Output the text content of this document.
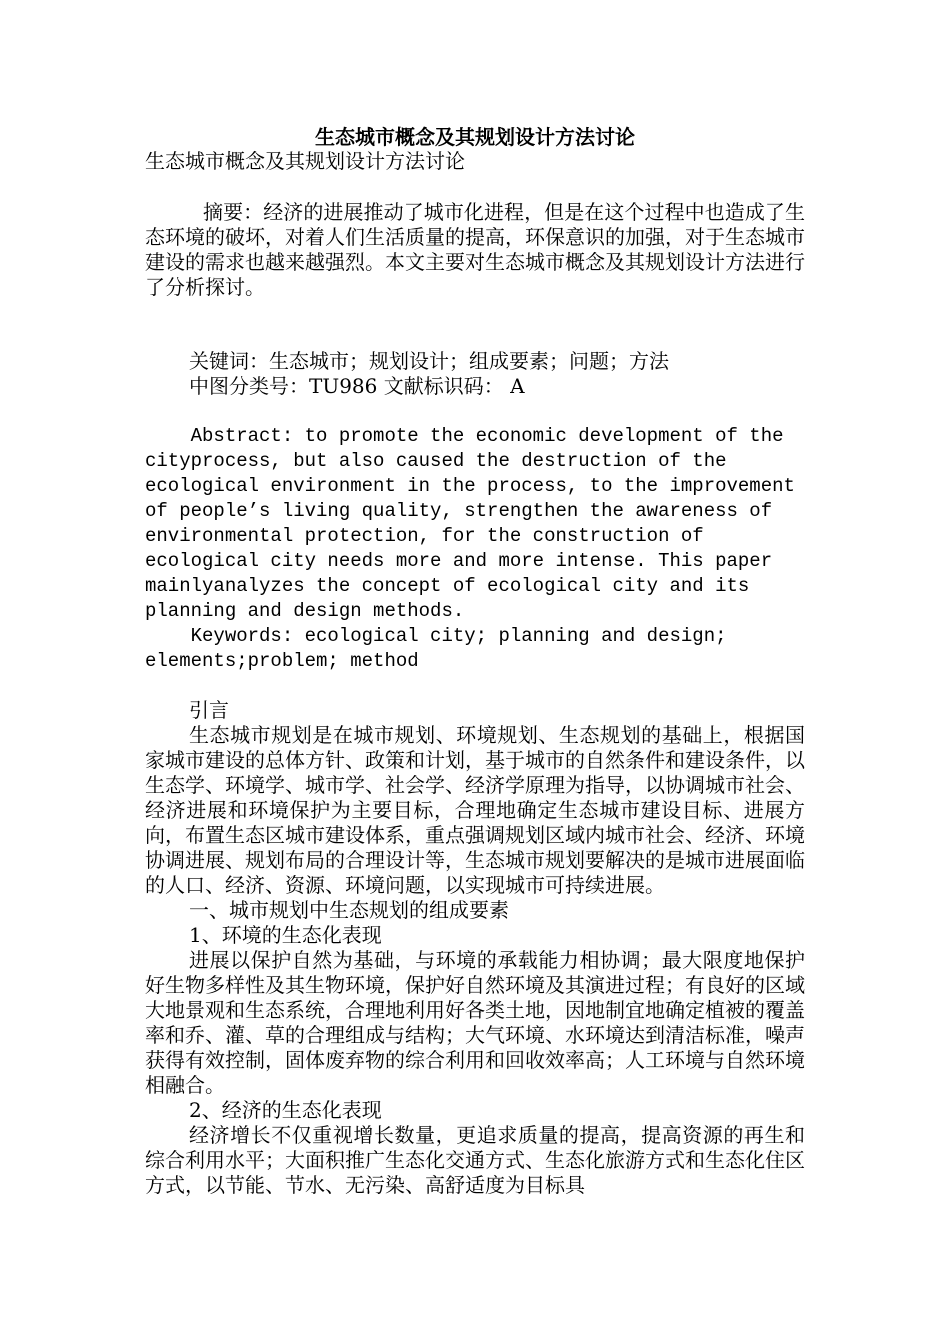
生态城市概念及其规划设计方法讨论

生态城市概念及其规划设计方法讨论

摘要：经济的进展推动了城市化进程，但是在这个过程中也造成了生态环境的破坏，对着人们生活质量的提高，环保意识的加强，对于生态城市建设的需求也越来越强烈。本文主要对生态城市概念及其规划设计方法进行了分析探讨。

关键词：生态城市；规划设计；组成要素；问题；方法

中图分类号：TU986 文献标识码： A

Abstract: to promote the economic development of the
cityprocess, but also caused the destruction of the
ecological environment in the process, to the improvement
of people’s living quality, strengthen the awareness of
environmental protection, for the construction of
ecological city needs more and more intense. This paper
mainlyanalyzes the concept of ecological city and its
planning and design methods.
Keywords: ecological city; planning and design;
elements;problem; method

引言

生态城市规划是在城市规划、环境规划、生态规划的基础上，根据国家城市建设的总体方针、政策和计划，基于城市的自然条件和建设条件，以生态学、环境学、城市学、社会学、经济学原理为指导，以协调城市社会、经济进展和环境保护为主要目标，合理地确定生态城市建设目标、进展方向，布置生态区城市建设体系，重点强调规划区域内城市社会、经济、环境协调进展、规划布局的合理设计等，生态城市规划要解决的是城市进展面临的人口、经济、资源、环境问题，以实现城市可持续进展。

一、城市规划中生态规划的组成要素

1、环境的生态化表现

进展以保护自然为基础，与环境的承载能力相协调；最大限度地保护好生物多样性及其生物环境，保护好自然环境及其演进过程；有良好的区域大地景观和生态系统，合理地利用好各类土地，因地制宜地确定植被的覆盖率和乔、灌、草的合理组成与结构；大气环境、水环境达到清洁标准，噪声获得有效控制，固体废弃物的综合利用和回收效率高；人工环境与自然环境相融合。

2、经济的生态化表现

经济增长不仅重视增长数量，更追求质量的提高，提高资源的再生和综合利用水平；大面积推广生态化交通方式、生态化旅游方式和生态化住区方式，以节能、节水、无污染、高舒适度为目标具
